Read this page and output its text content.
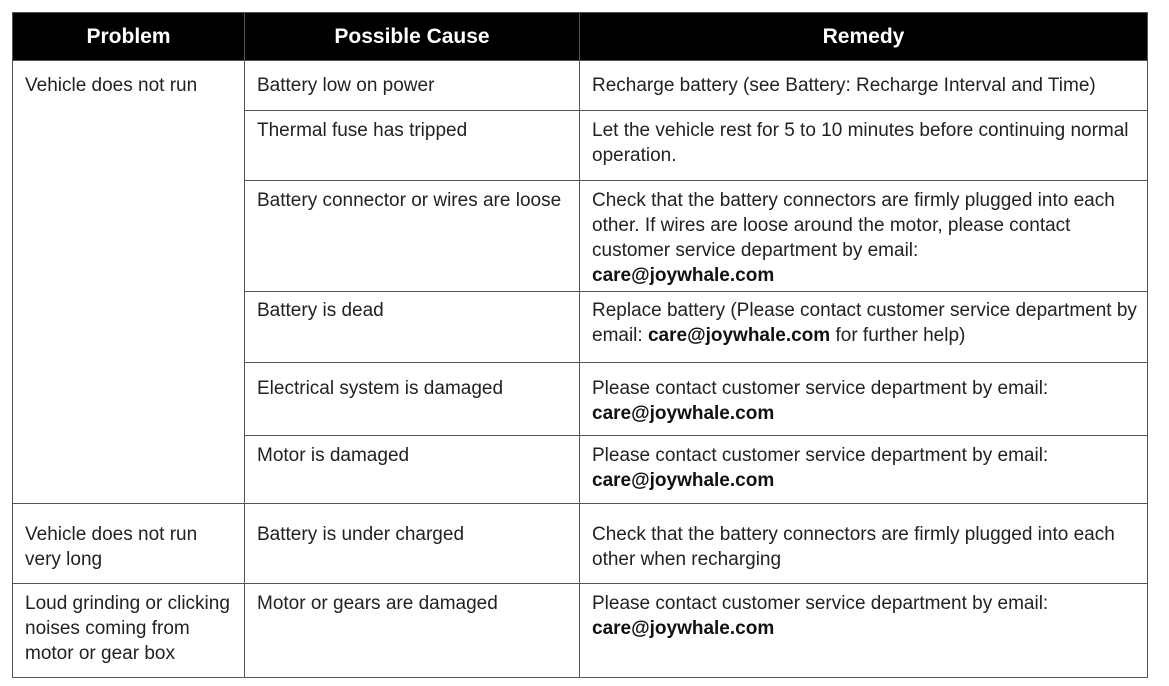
Problem	Possible Cause	Remedy
Vehicle does not run	Battery low on power	Recharge battery (see Battery: Recharge Interval and Time)
	Thermal fuse has tripped	Let the vehicle rest for 5 to 10 minutes before continuing normal operation.
	Battery connector or wires are loose	Check that the battery connectors are firmly plugged into each other. If wires are loose around the motor, please contact customer service department by email:
care@joywhale.com
	Battery is dead	Replace battery (Please contact customer service department by email: care@joywhale.com for further help)
	Electrical system is damaged	Please contact customer service department by email:
care@joywhale.com
	Motor is damaged	Please contact customer service department by email:
care@joywhale.com
Vehicle does not run very long	Battery is under charged	Check that the battery connectors are firmly plugged into each other when recharging
Loud grinding or clicking noises coming from motor or gear box	Motor or gears are damaged	Please contact customer service department by email:
care@joywhale.com
